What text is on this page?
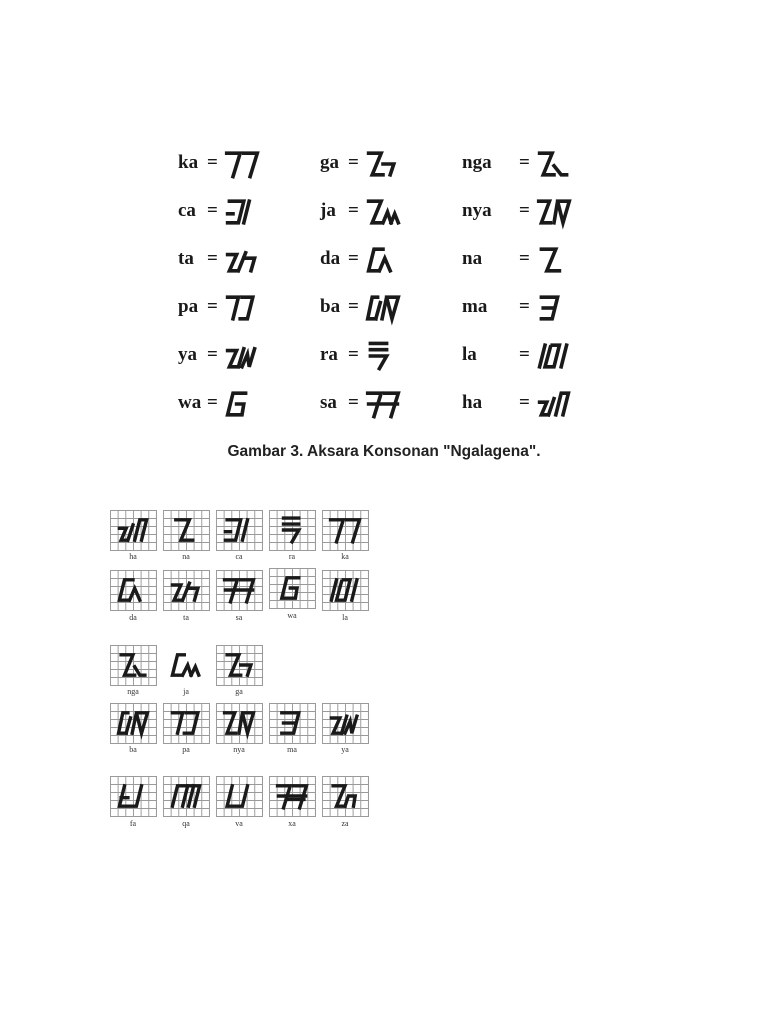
ka =	ga =	nga =
ca =	ja =	nya =
ta =	da =	na =
pa =	ba =	ma =
ya =	ra =	la =
wa =	sa =	ha =
Gambar 3. Aksara Konsonan "Ngalagena".
ha	na	ca	ra	ka
da	ta	sa	wa	la
nga	ja	ga
ba	pa	nya	ma	ya
fa	qa	va	xa	za
